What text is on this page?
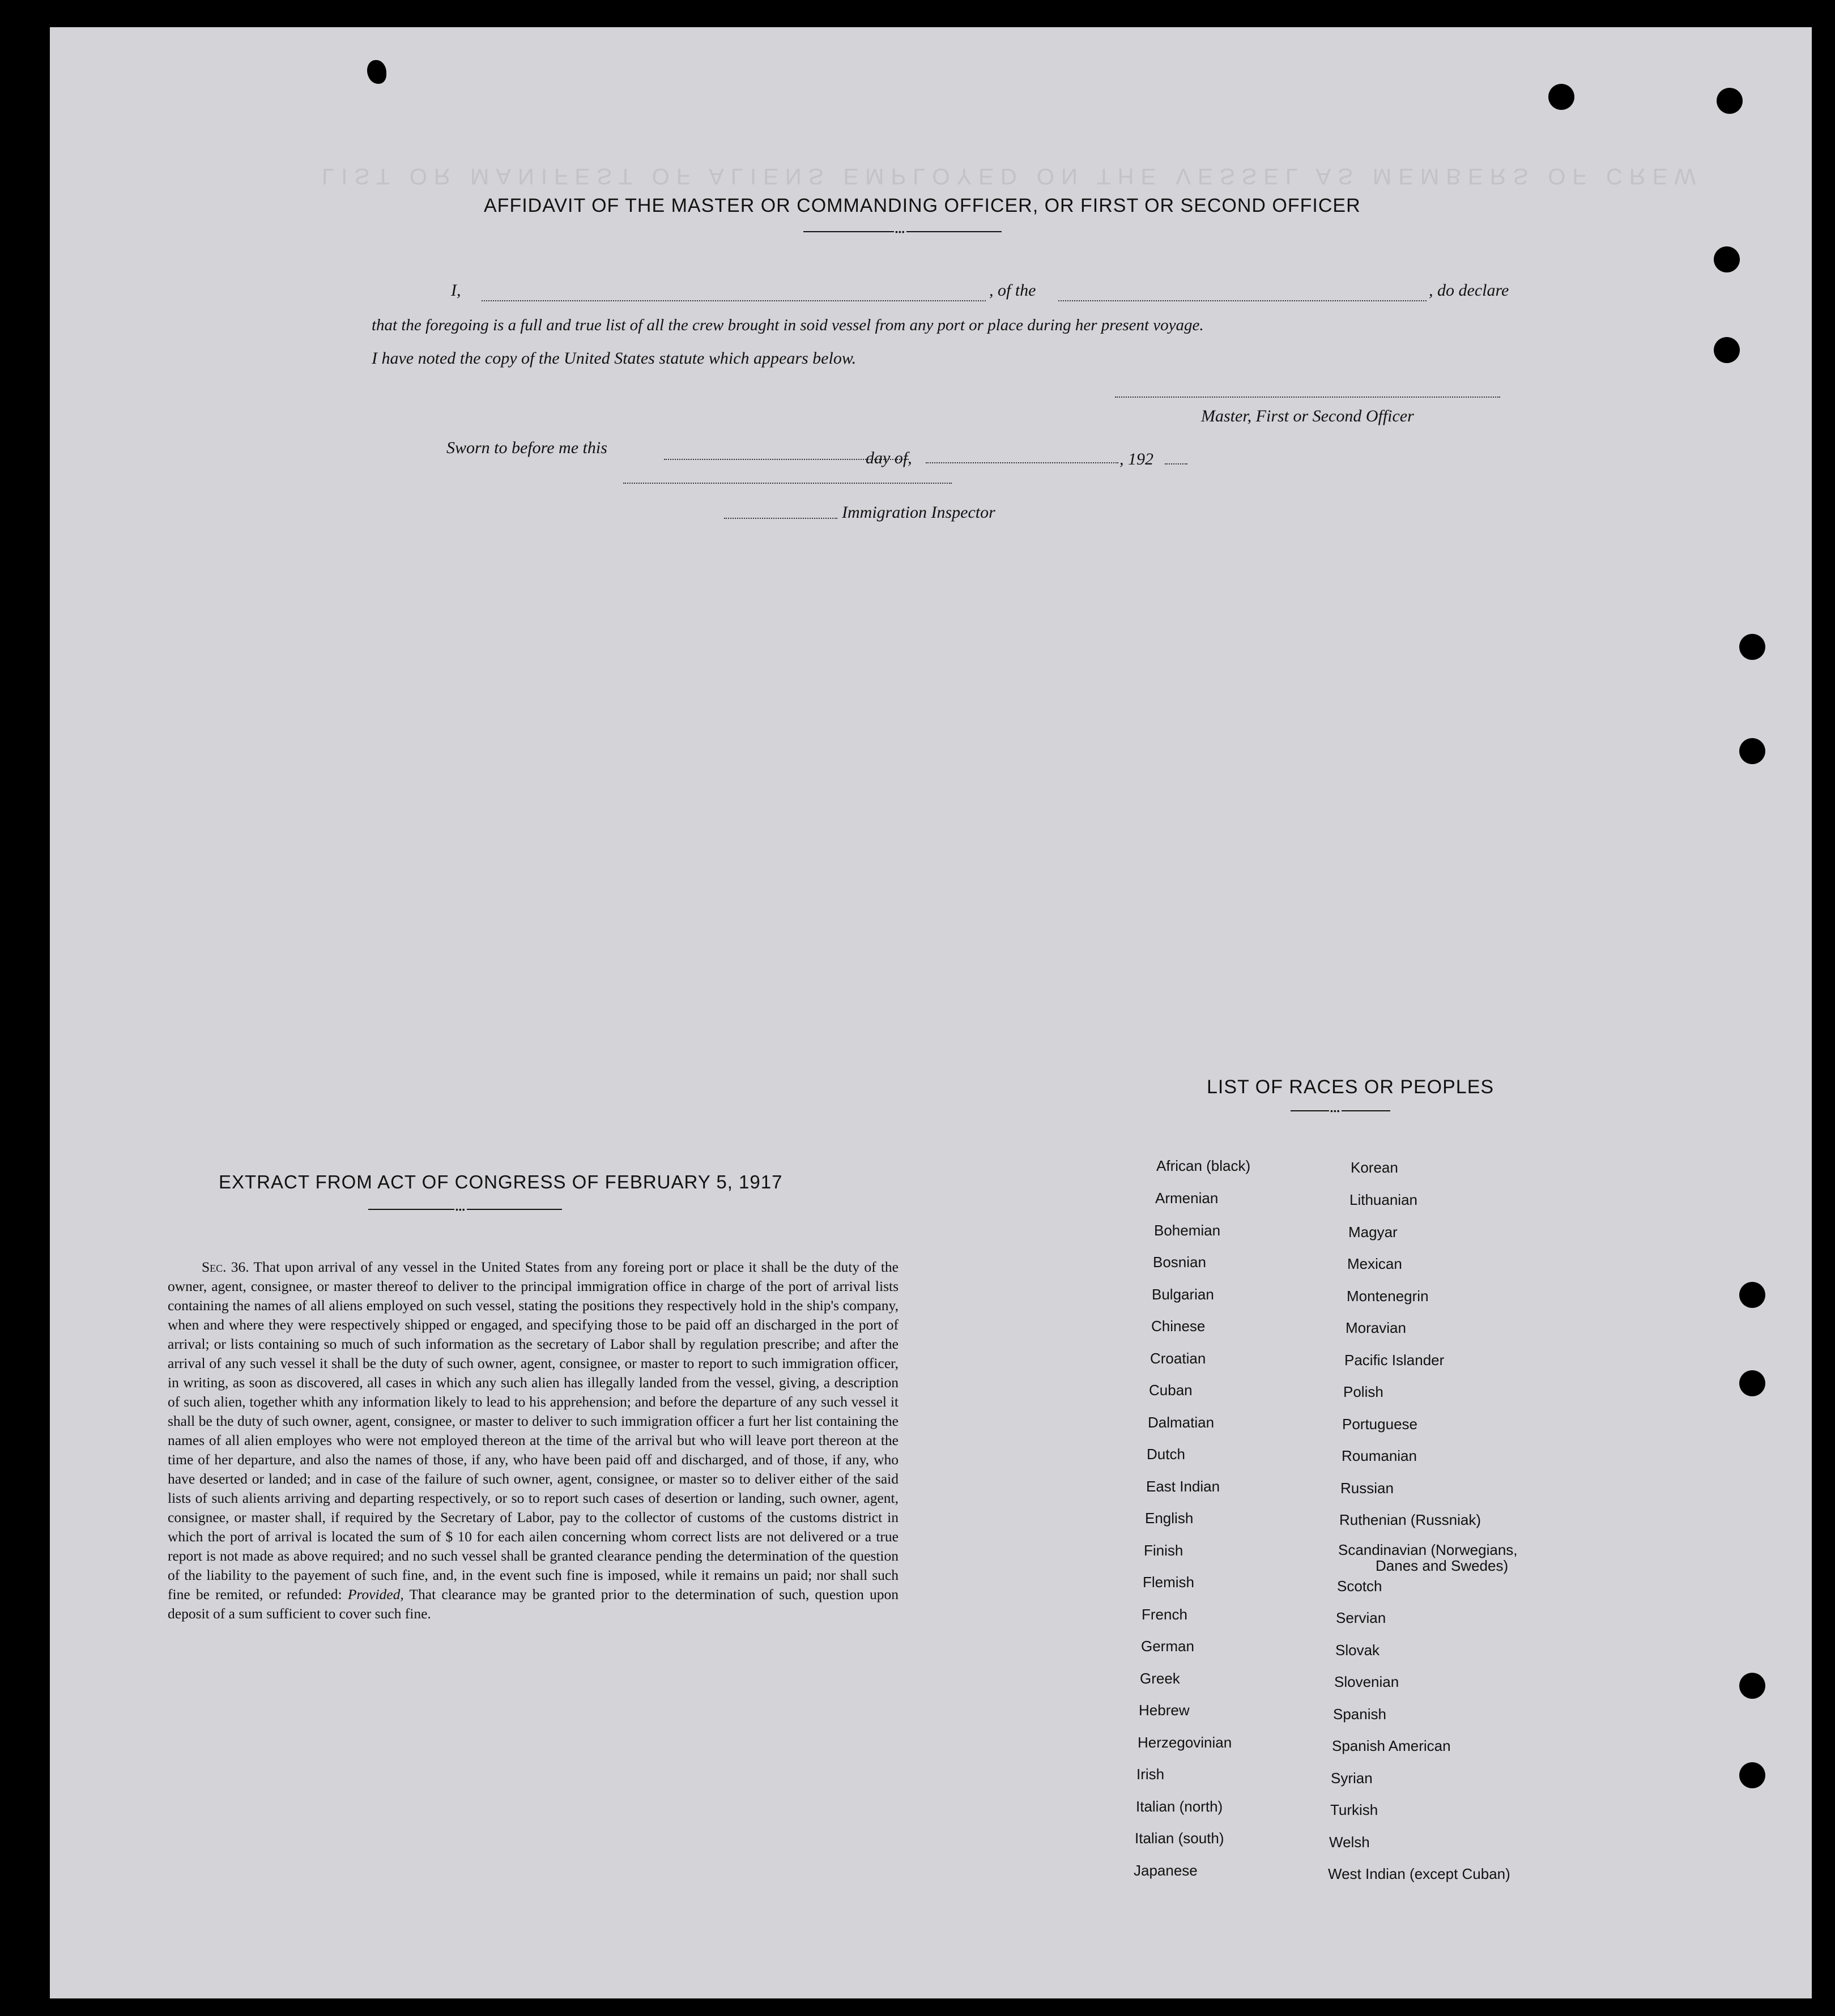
LIST OR MANIFEST OF ALIENS EMPLOYED ON THE VESSEL AS MEMBERS OF CREW
AFFIDAVIT OF THE MASTER OR COMMANDING OFFICER, OR FIRST OR SECOND OFFICER
•••
I,	, of the	, do declare
that the foregoing is a full and true list of all the crew brought in soid vessel from any port or place during her present voyage.
I have noted the copy of the United States statute which appears below.
Master, First or Second Officer
Sworn to before me this
day of,	, 192
Immigration Inspector
EXTRACT FROM ACT OF CONGRESS OF FEBRUARY 5, 1917
•••
Sec. 36. That upon arrival of any vessel in the United States from any foreing port or place it shall be the duty of the owner, agent, consignee, or master thereof to deliver to the principal immigration office in charge of the port of arrival lists containing the names of all aliens employed on such vessel, stating the positions they respectively hold in the ship's company, when and where they were respectively shipped or engaged, and specifying those to be paid off an discharged in the port of arrival; or lists containing so much of such information as the secretary of Labor shall by regulation prescribe; and after the arrival of any such vessel it shall be the duty of such owner, agent, consignee, or master to report to such immigration officer, in writing, as soon as discovered, all cases in which any such alien has illegally landed from the vessel, giving, a description of such alien, together whith any information likely to lead to his apprehension; and before the departure of any such vessel it shall be the duty of such owner, agent, consignee, or master to deliver to such immigration officer a furt her list containing the names of all alien employes who were not employed thereon at the time of the arrival but who will leave port thereon at the time of her departure, and also the names of those, if any, who have been paid off and discharged, and of those, if any, who have deserted or landed; and in case of the failure of such owner, agent, consignee, or master so to deliver either of the said lists of such alients arriving and departing respectively, or so to report such cases of desertion or landing, such owner, agent, consignee, or master shall, if required by the Secretary of Labor, pay to the collector of customs of the customs district in which the port of arrival is located the sum of $ 10 for each ailen concerning whom correct lists are not delivered or a true report is not made as above required; and no such vessel shall be granted clearance pending the determination of the question of the liability to the payement of such fine, and, in the event such fine is imposed, while it remains un paid; nor shall such fine be remited, or refunded: Provided, That clearance may be granted prior to the determination of such, question upon deposit of a sum sufficient to cover such fine.
LIST OF RACES OR PEOPLES
•••
African (black)
Armenian
Bohemian
Bosnian
Bulgarian
Chinese
Croatian
Cuban
Dalmatian
Dutch
East Indian
English
Finish
Flemish
French
German
Greek
Hebrew
Herzegovinian
Irish
Italian (north)
Italian (south)
Japanese
Korean
Lithuanian
Magyar
Mexican
Montenegrin
Moravian
Pacific Islander
Polish
Portuguese
Roumanian
Russian
Ruthenian (Russniak)
Scandinavian (Norwegians,
Danes and Swedes)
Scotch
Servian
Slovak
Slovenian
Spanish
Spanish American
Syrian
Turkish
Welsh
West Indian (except Cuban)
